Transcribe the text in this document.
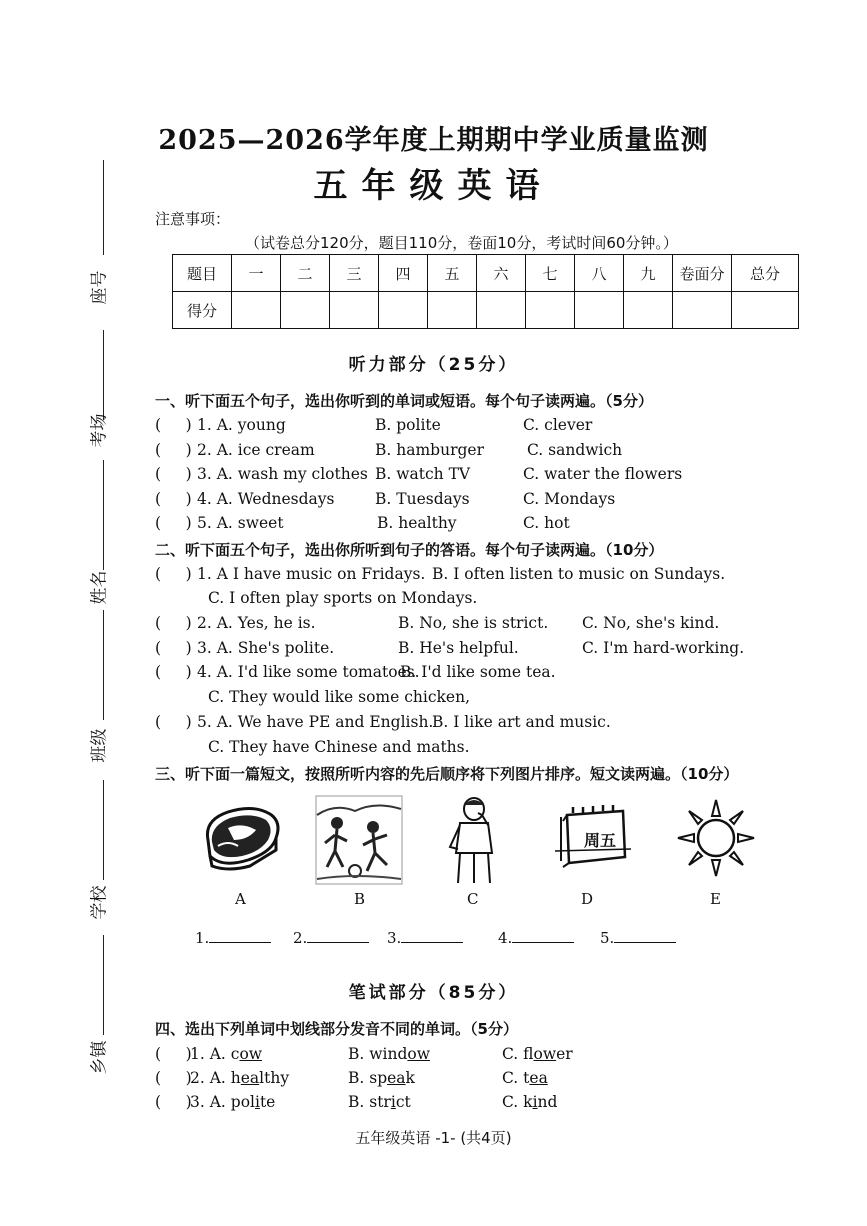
座号
考场
姓名
班级
学校
乡镇
2025—2026学年度上期期中学业质量监测
五年级英语
注意事项：
（试卷总分120分，题目110分，卷面10分，考试时间60分钟。）
题目	一	二	三	四	五	六	七	八	九	卷面分	总分
得分											
听力部分（25分）
一、听下面五个句子，选出你听到的单词或短语。每个句子读两遍。（5分）
(     ) 1. A. young	B. polite	C. clever
(     ) 2. A. ice cream	B. hamburger	C. sandwich
(     ) 3. A. wash my clothes B. watch TV	C. water the flowers
(     ) 4. A. Wednesdays	B. Tuesdays	C. Mondays
(     ) 5. A. sweet	B. healthy	C. hot
二、听下面五个句子，选出你所听到句子的答语。每个句子读两遍。（10分）
(     ) 1. A I have music on Fridays. B. I often listen to music on Sundays.
C. I often play sports on Mondays.
(     ) 2. A. Yes, he is.	B. No, she is strict. C. No, she's kind.
(     ) 3. A. She's polite.	B. He's helpful.	C. I'm hard-working.
(     ) 4. A. I'd like some tomatoes.
B. I'd like some tea.
C. They would like some chicken,
(     ) 5. A. We have PE and English.
B. I like art and music.
C. They have Chinese and maths.
三、听下面一篇短文，按照所听内容的先后顺序将下列图片排序。短文读两遍。（10分）
周五
A	B	C	D	E
1.	2.	3.	4.	5.
笔试部分（85分）
四、选出下列单词中划线部分发音不同的单词。（5分）
(     )
1. A. cow	B. window	C. flower
(     )
2. A. healthy	B. speak	C. tea
(     )
3. A. polite	B. strict	C. kind
五年级英语 -1- (共4页)
